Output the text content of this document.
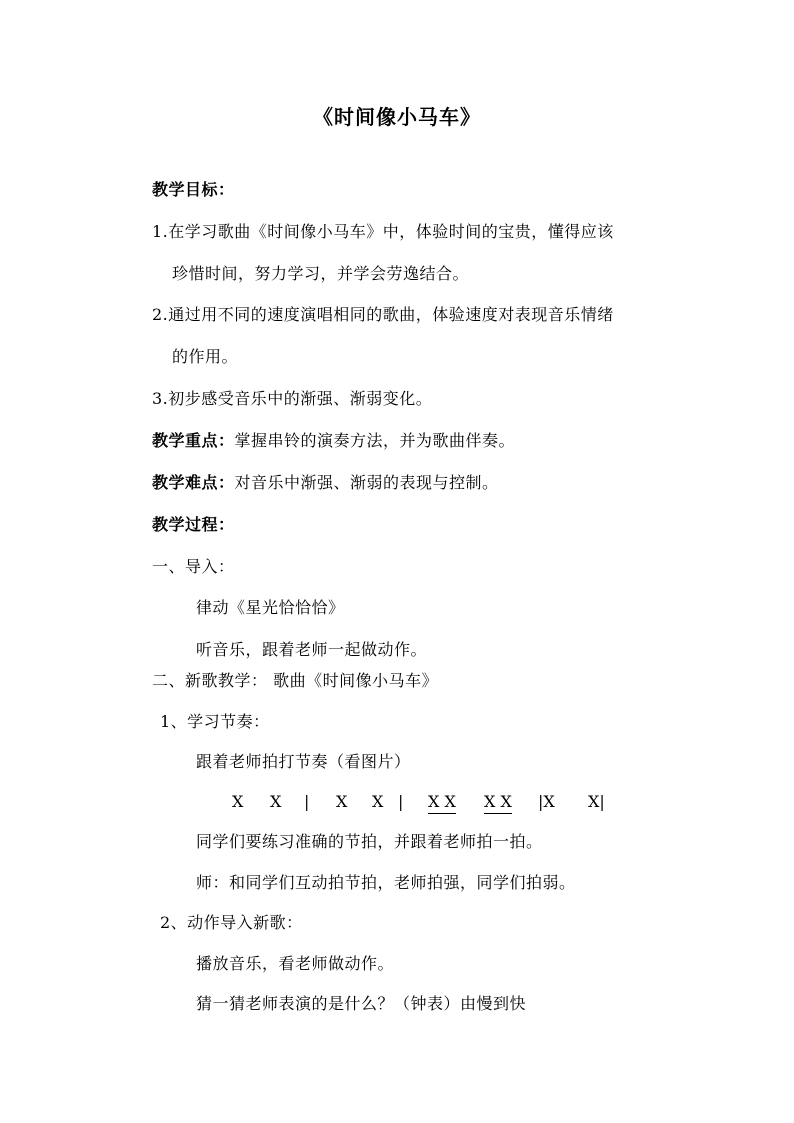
《时间像小马车》
教学目标：
1.在学习歌曲《时间像小马车》中，体验时间的宝贵，懂得应该
珍惜时间，努力学习，并学会劳逸结合。
2.通过用不同的速度演唱相同的歌曲，体验速度对表现音乐情绪
的作用。
3.初步感受音乐中的渐强、渐弱变化。
教学重点：掌握串铃的演奏方法，并为歌曲伴奏。
教学难点：对音乐中渐强、渐弱的表现与控制。
教学过程：
一、导入：
律动《星光恰恰恰》
听音乐，跟着老师一起做动作。
二、新歌教学： 歌曲《时间像小马车》
1、学习节奏：
跟着老师拍打节奏（看图片）
X X | X X | X X X X |X X|
同学们要练习准确的节拍，并跟着老师拍一拍。
师：和同学们互动拍节拍，老师拍强，同学们拍弱。
2、动作导入新歌：
播放音乐，看老师做动作。
猜一猜老师表演的是什么？（钟表）由慢到快
